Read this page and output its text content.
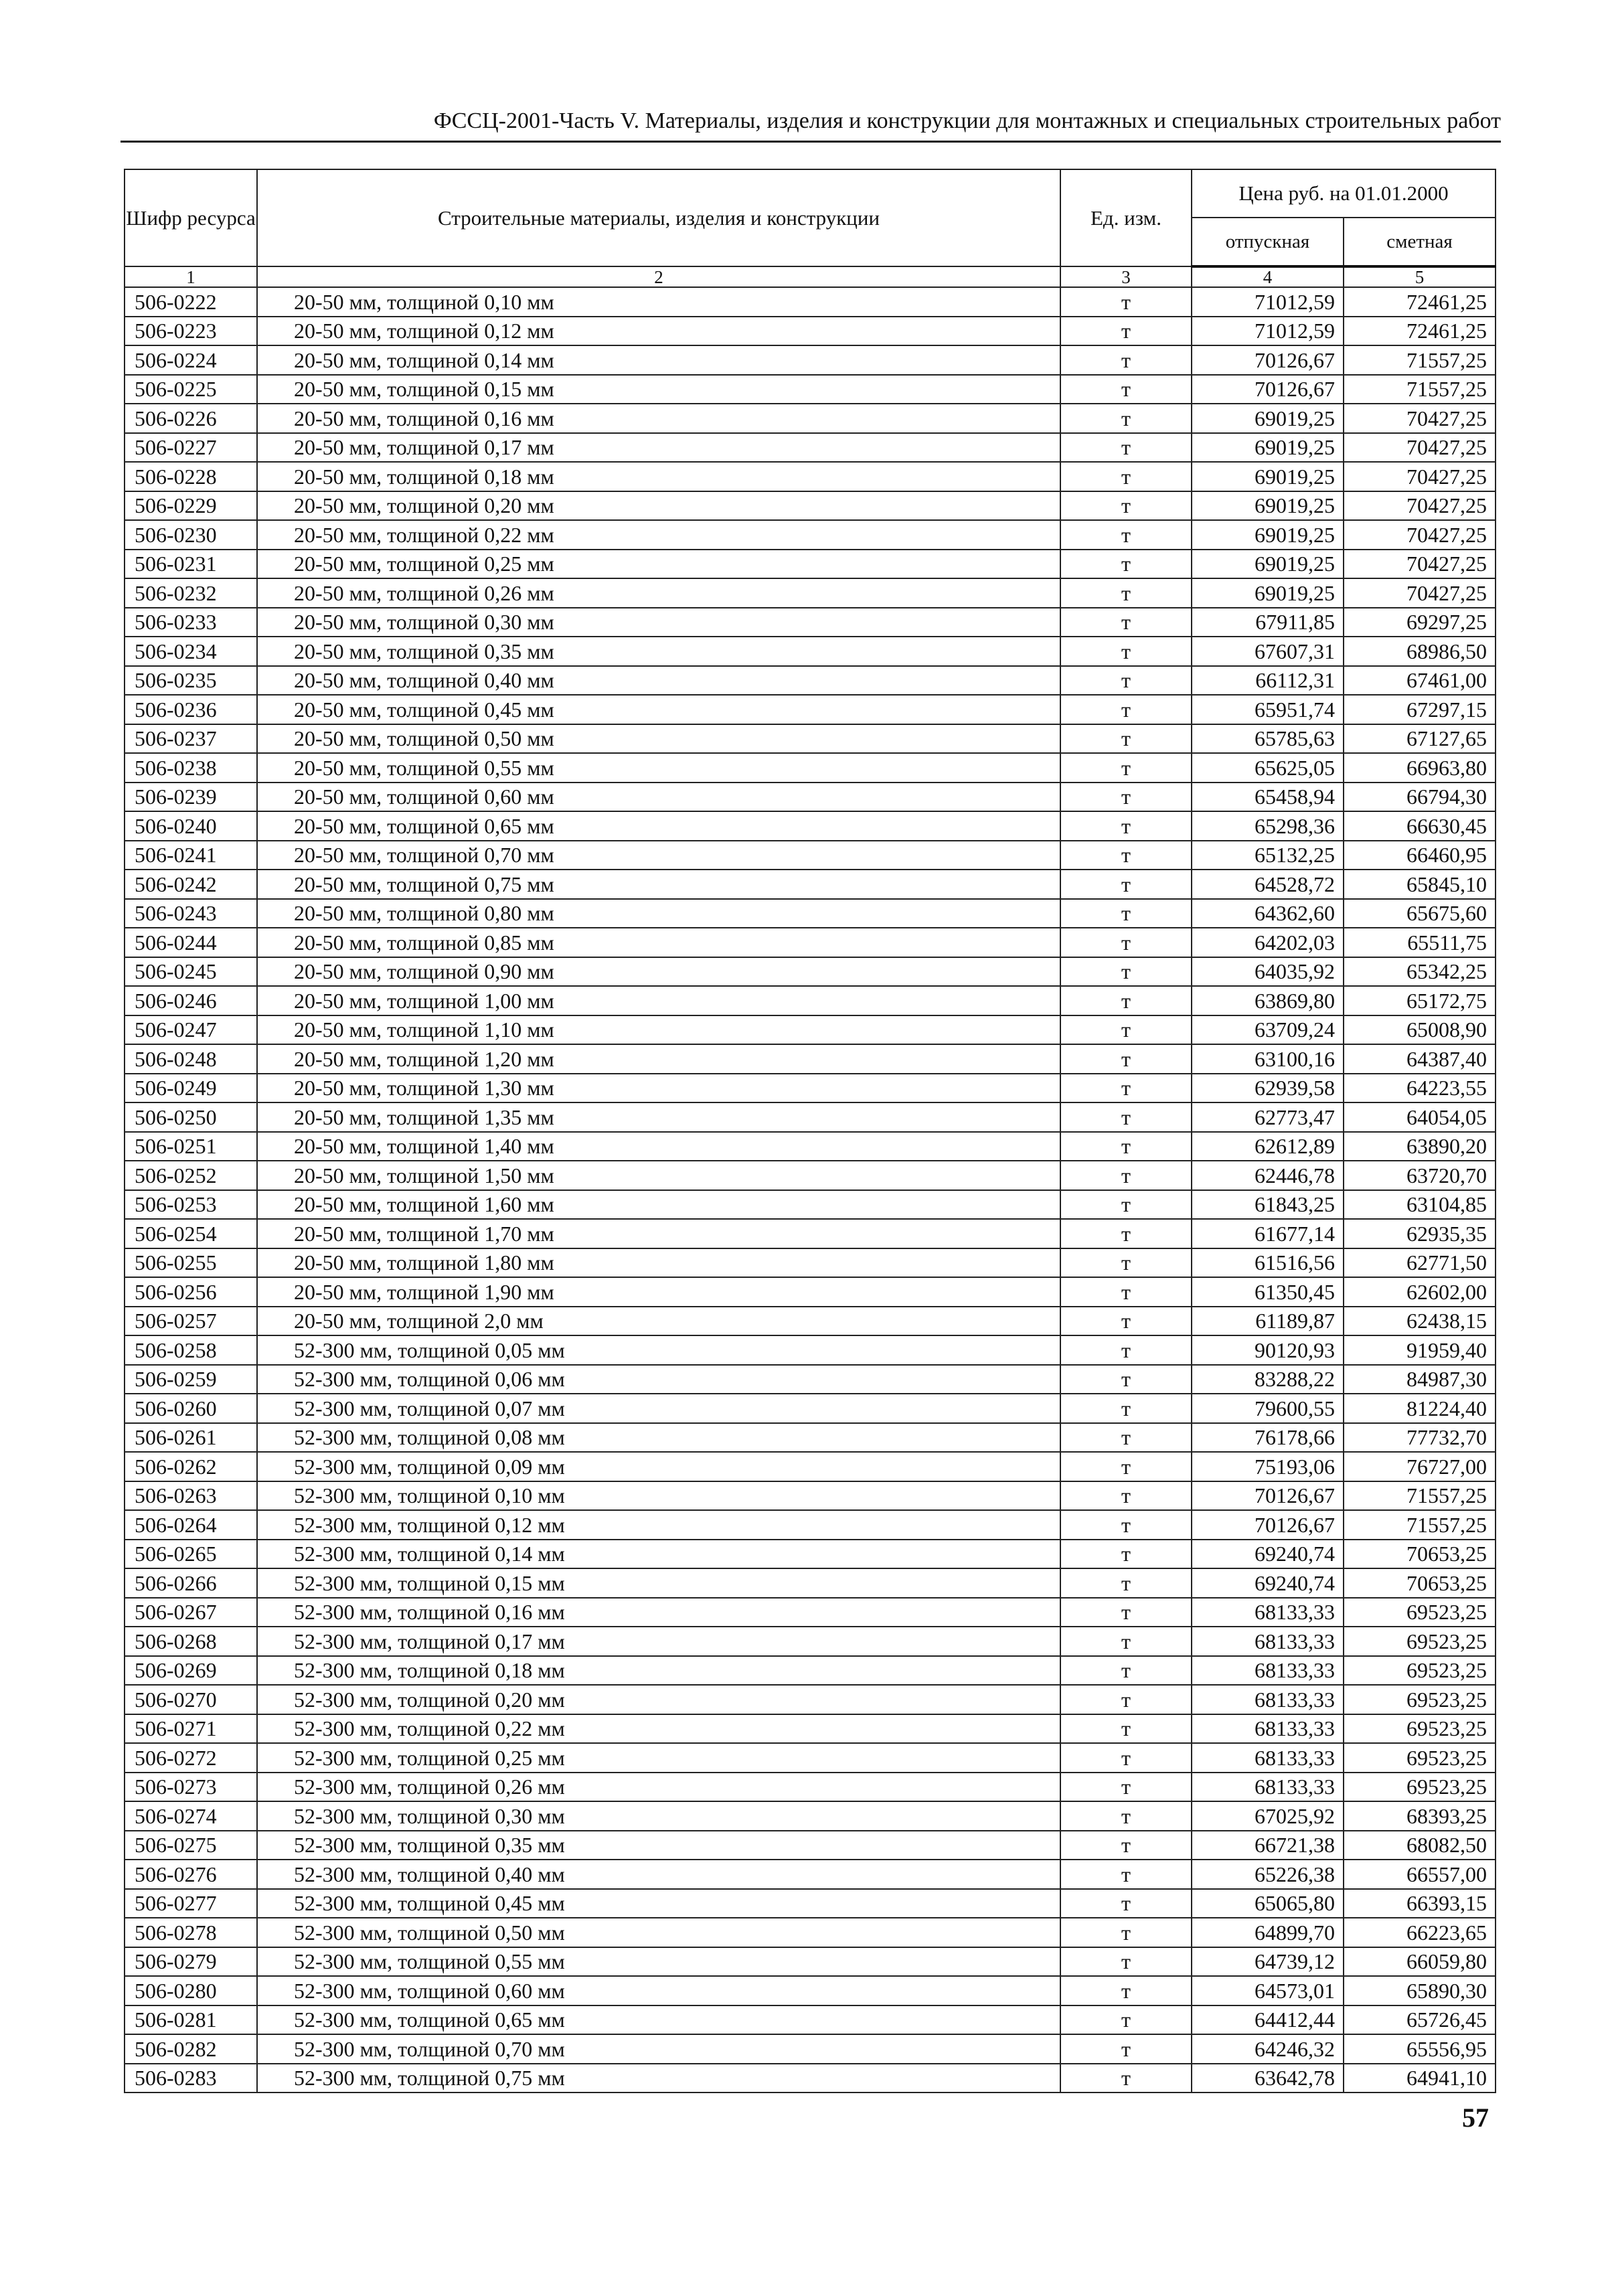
ФССЦ-2001-Часть V. Материалы, изделия и конструкции для монтажных и специальных строительных работ
Шифр ресурса	Строительные материалы, изделия и конструкции	Ед. изм.	Цена руб. на 01.01.2000	
			отпускная	сметная
1	2	3	4	5
506-0222	20-50 мм, толщиной 0,10 мм	т	71012,59	72461,25
506-0223	20-50 мм, толщиной 0,12 мм	т	71012,59	72461,25
506-0224	20-50 мм, толщиной 0,14 мм	т	70126,67	71557,25
506-0225	20-50 мм, толщиной 0,15 мм	т	70126,67	71557,25
506-0226	20-50 мм, толщиной 0,16 мм	т	69019,25	70427,25
506-0227	20-50 мм, толщиной 0,17 мм	т	69019,25	70427,25
506-0228	20-50 мм, толщиной 0,18 мм	т	69019,25	70427,25
506-0229	20-50 мм, толщиной 0,20 мм	т	69019,25	70427,25
506-0230	20-50 мм, толщиной 0,22 мм	т	69019,25	70427,25
506-0231	20-50 мм, толщиной 0,25 мм	т	69019,25	70427,25
506-0232	20-50 мм, толщиной 0,26 мм	т	69019,25	70427,25
506-0233	20-50 мм, толщиной 0,30 мм	т	67911,85	69297,25
506-0234	20-50 мм, толщиной 0,35 мм	т	67607,31	68986,50
506-0235	20-50 мм, толщиной 0,40 мм	т	66112,31	67461,00
506-0236	20-50 мм, толщиной 0,45 мм	т	65951,74	67297,15
506-0237	20-50 мм, толщиной 0,50 мм	т	65785,63	67127,65
506-0238	20-50 мм, толщиной 0,55 мм	т	65625,05	66963,80
506-0239	20-50 мм, толщиной 0,60 мм	т	65458,94	66794,30
506-0240	20-50 мм, толщиной 0,65 мм	т	65298,36	66630,45
506-0241	20-50 мм, толщиной 0,70 мм	т	65132,25	66460,95
506-0242	20-50 мм, толщиной 0,75 мм	т	64528,72	65845,10
506-0243	20-50 мм, толщиной 0,80 мм	т	64362,60	65675,60
506-0244	20-50 мм, толщиной 0,85 мм	т	64202,03	65511,75
506-0245	20-50 мм, толщиной 0,90 мм	т	64035,92	65342,25
506-0246	20-50 мм, толщиной 1,00 мм	т	63869,80	65172,75
506-0247	20-50 мм, толщиной 1,10 мм	т	63709,24	65008,90
506-0248	20-50 мм, толщиной 1,20 мм	т	63100,16	64387,40
506-0249	20-50 мм, толщиной 1,30 мм	т	62939,58	64223,55
506-0250	20-50 мм, толщиной 1,35 мм	т	62773,47	64054,05
506-0251	20-50 мм, толщиной 1,40 мм	т	62612,89	63890,20
506-0252	20-50 мм, толщиной 1,50 мм	т	62446,78	63720,70
506-0253	20-50 мм, толщиной 1,60 мм	т	61843,25	63104,85
506-0254	20-50 мм, толщиной 1,70 мм	т	61677,14	62935,35
506-0255	20-50 мм, толщиной 1,80 мм	т	61516,56	62771,50
506-0256	20-50 мм, толщиной 1,90 мм	т	61350,45	62602,00
506-0257	20-50 мм, толщиной 2,0 мм	т	61189,87	62438,15
506-0258	52-300 мм, толщиной 0,05 мм	т	90120,93	91959,40
506-0259	52-300 мм, толщиной 0,06 мм	т	83288,22	84987,30
506-0260	52-300 мм, толщиной 0,07 мм	т	79600,55	81224,40
506-0261	52-300 мм, толщиной 0,08 мм	т	76178,66	77732,70
506-0262	52-300 мм, толщиной 0,09 мм	т	75193,06	76727,00
506-0263	52-300 мм, толщиной 0,10 мм	т	70126,67	71557,25
506-0264	52-300 мм, толщиной 0,12 мм	т	70126,67	71557,25
506-0265	52-300 мм, толщиной 0,14 мм	т	69240,74	70653,25
506-0266	52-300 мм, толщиной 0,15 мм	т	69240,74	70653,25
506-0267	52-300 мм, толщиной 0,16 мм	т	68133,33	69523,25
506-0268	52-300 мм, толщиной 0,17 мм	т	68133,33	69523,25
506-0269	52-300 мм, толщиной 0,18 мм	т	68133,33	69523,25
506-0270	52-300 мм, толщиной 0,20 мм	т	68133,33	69523,25
506-0271	52-300 мм, толщиной 0,22 мм	т	68133,33	69523,25
506-0272	52-300 мм, толщиной 0,25 мм	т	68133,33	69523,25
506-0273	52-300 мм, толщиной 0,26 мм	т	68133,33	69523,25
506-0274	52-300 мм, толщиной 0,30 мм	т	67025,92	68393,25
506-0275	52-300 мм, толщиной 0,35 мм	т	66721,38	68082,50
506-0276	52-300 мм, толщиной 0,40 мм	т	65226,38	66557,00
506-0277	52-300 мм, толщиной 0,45 мм	т	65065,80	66393,15
506-0278	52-300 мм, толщиной 0,50 мм	т	64899,70	66223,65
506-0279	52-300 мм, толщиной 0,55 мм	т	64739,12	66059,80
506-0280	52-300 мм, толщиной 0,60 мм	т	64573,01	65890,30
506-0281	52-300 мм, толщиной 0,65 мм	т	64412,44	65726,45
506-0282	52-300 мм, толщиной 0,70 мм	т	64246,32	65556,95
506-0283	52-300 мм, толщиной 0,75 мм	т	63642,78	64941,10
57
